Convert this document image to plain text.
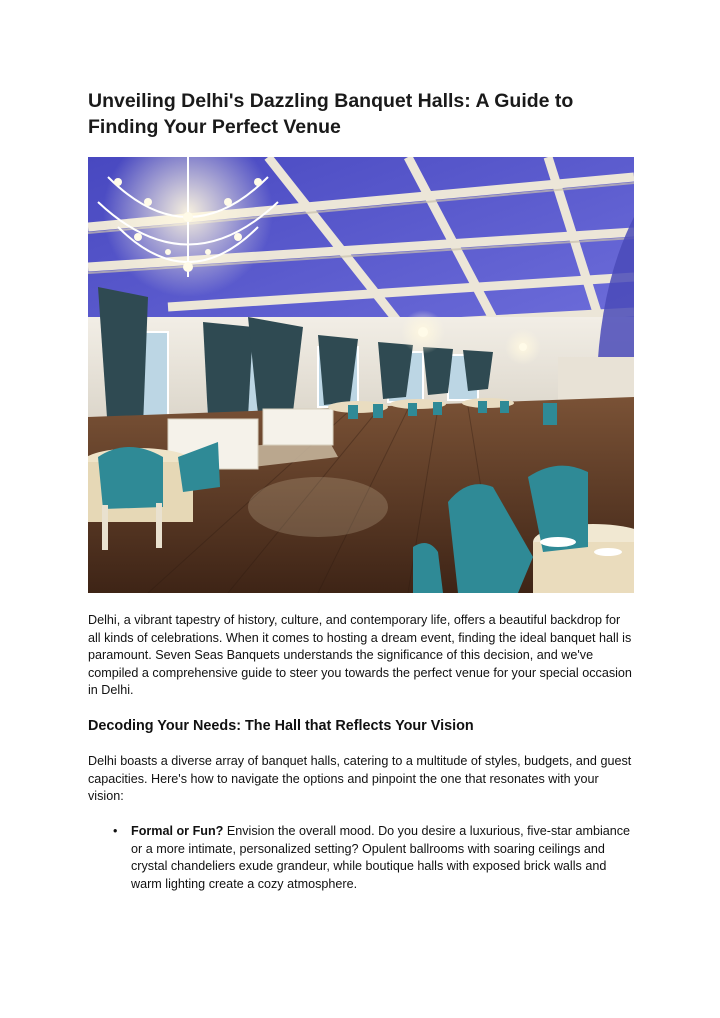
Unveiling Delhi's Dazzling Banquet Halls: A Guide to Finding Your Perfect Venue

Delhi, a vibrant tapestry of history, culture, and contemporary life, offers a beautiful backdrop for all kinds of celebrations. When it comes to hosting a dream event, finding the ideal banquet hall is paramount. Seven Seas Banquets understands the significance of this decision, and we've compiled a comprehensive guide to steer you towards the perfect venue for your special occasion in Delhi.

Decoding Your Needs: The Hall that Reflects Your Vision

Delhi boasts a diverse array of banquet halls, catering to a multitude of styles, budgets, and guest capacities. Here's how to navigate the options and pinpoint the one that resonates with your vision:

• Formal or Fun? Envision the overall mood. Do you desire a luxurious, five-star ambiance or a more intimate, personalized setting? Opulent ballrooms with soaring ceilings and crystal chandeliers exude grandeur, while boutique halls with exposed brick walls and warm lighting create a cozy atmosphere.
